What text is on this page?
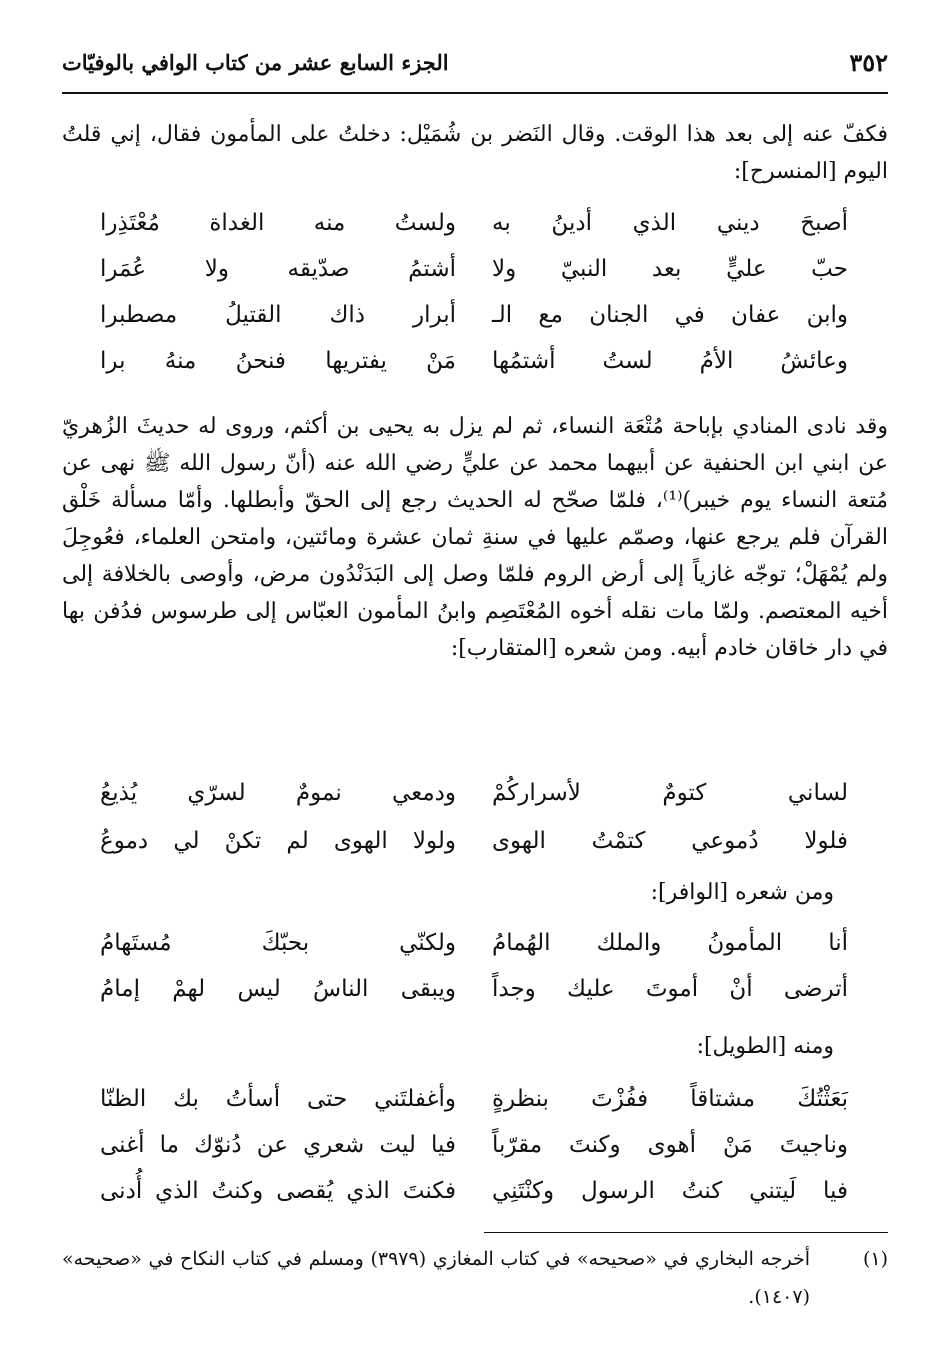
٣٥٢
الجزء السابع عشر من كتاب الوافي بالوفيّات

فكفّ عنه إلى بعد هذا الوقت. وقال النَضر بن شُمَيْل: دخلتُ على المأمون فقال، إني قلتُ اليوم [المنسرح]:

أصبحَ ديني الذي أدينُ به
ولستُ منه الغداة مُعْتَذِرا
حبّ عليٍّ بعد النبيّ ولا
أشتمُ صدّيقه ولا عُمَرا
وابن عفان في الجنان مع الـ
أبرار ذاك القتيلُ مصطبرا
وعائشُ الأمُ لستُ أشتمُها
مَنْ يفتريها فنحنُ منهُ برا

وقد نادى المنادي بإباحة مُتْعَة النساء، ثم لم يزل به يحيى بن أكثم، وروى له حديثَ الزُهريّ عن ابني ابن الحنفية عن أبيهما محمد عن عليٍّ رضي الله عنه (أنّ رسول الله ﷺ نهى عن مُتعة النساء يوم خيبر)⁽¹⁾، فلمّا صحّح له الحديث رجع إلى الحقّ وأبطلها. وأمّا مسألة خَلْق القرآن فلم يرجع عنها، وصمّم عليها في سنةِ ثمان عشرة ومائتين، وامتحن العلماء، فعُوجِلَ ولم يُمْهَلْ؛ توجّه غازياً إلى أرض الروم فلمّا وصل إلى البَدَنْدُون مرض، وأوصى بالخلافة إلى أخيه المعتصم. ولمّا مات نقله أخوه المُعْتَصِم وابنُ المأمون العبّاس إلى طرسوس فدُفن بها في دار خاقان خادم أبيه. ومن شعره [المتقارب]:

لساني كتومٌ لأسراركُمْ
ودمعي نمومٌ لسرّي يُذيعُ
فلولا دُموعي كتمْتُ الهوى
ولولا الهوى لم تكنْ لي دموعُ
ومن شعره [الوافر]:
أنا المأمونُ والملك الهُمامُ
ولكنّي بحبّكَ مُستَهامُ
أترضى أنْ أموتَ عليك وجداً
ويبقى الناسُ ليس لهمْ إمامُ
ومنه [الطويل]:
بَعَثْتُكَ مشتاقاً ففُزْتَ بنظرةٍ
وأغفلتَني حتى أسأتُ بك الظنّا
وناجيتَ مَنْ أهوى وكنتَ مقرّباً
فيا ليت شعري عن دُنوّك ما أغنى
فيا لَيتني كنتُ الرسول وكنْتَنِي
فكنتَ الذي يُقصى وكنتُ الذي أُدنى
(١)
أخرجه البخاري في «صحيحه» في كتاب المغازي (٣٩٧٩) ومسلم في كتاب النكاح في «صحيحه» (١٤٠٧).
